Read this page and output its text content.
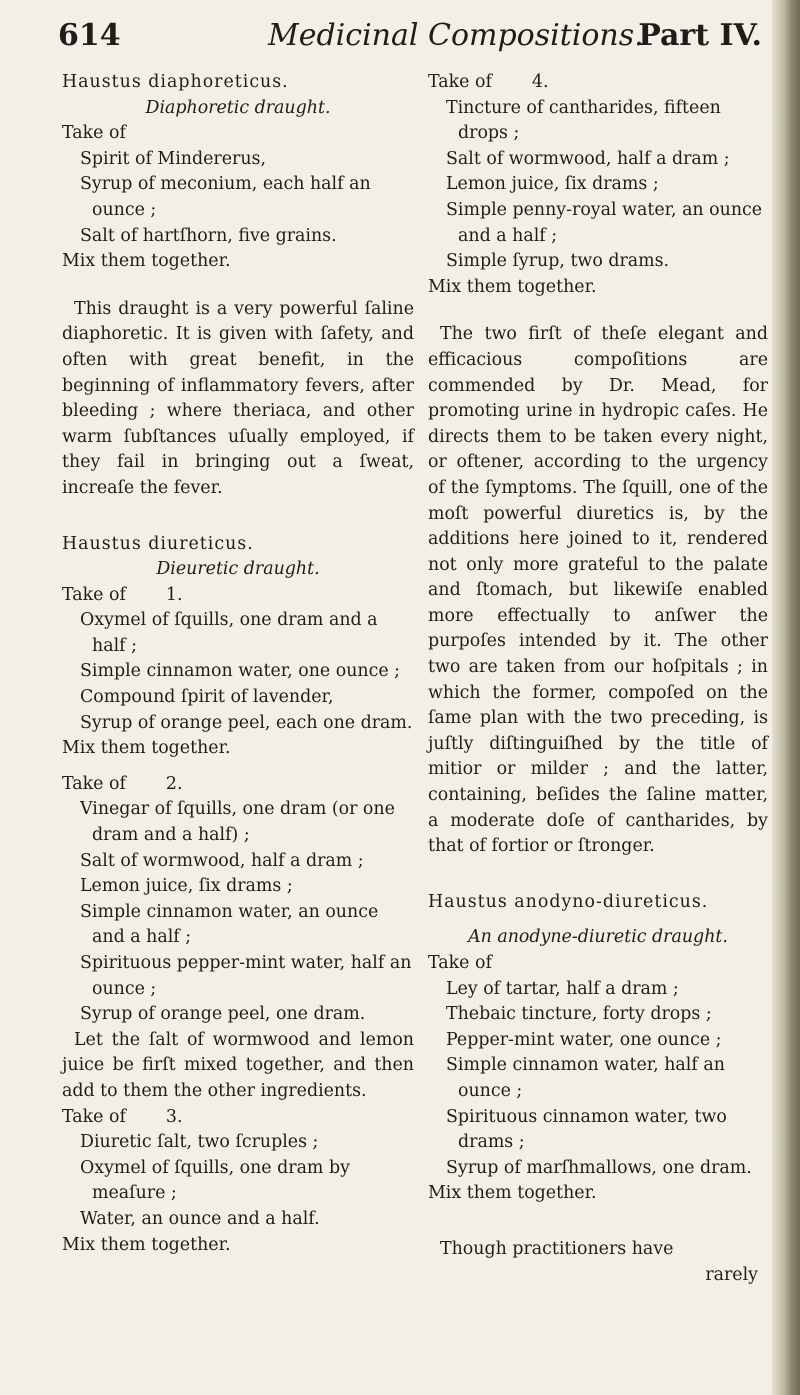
614	Medicinal Compositions.
Part IV.

Haustus diaphoreticus.

Diaphoretic draught.

Take of

Spirit of Mindererus,

Syrup of meconium, each half an ounce ;

Salt of hartſhorn, five grains.

Mix them together.

This draught is a very powerful ſaline diaphoretic. It is given with ſafety, and often with great benefit, in the beginning of inflammatory fevers, after bleeding ; where theriaca, and other warm ſubſtances uſually employed, if they fail in bringing out a ſweat, increaſe the fever.

Haustus diureticus.

Dieuretic draught.

Take of 1.

Oxymel of ſquills, one dram and a half ;

Simple cinnamon water, one ounce ;

Compound ſpirit of lavender,

Syrup of orange peel, each one dram.

Mix them together.

Take of 2.

Vinegar of ſquills, one dram (or one dram and a half) ;

Salt of wormwood, half a dram ;

Lemon juice, ſix drams ;

Simple cinnamon water, an ounce and a half ;

Spirituous pepper-mint water, half an ounce ;

Syrup of orange peel, one dram.

Let the ſalt of wormwood and lemon juice be firſt mixed together, and then add to them the other ingredients.

Take of 3.

Diuretic ſalt, two ſcruples ;

Oxymel of ſquills, one dram by meaſure ;

Water, an ounce and a half.

Mix them together.

Take of 4.

Tincture of cantharides, fifteen drops ;

Salt of wormwood, half a dram ;

Lemon juice, ſix drams ;

Simple penny-royal water, an ounce and a half ;

Simple ſyrup, two drams.

Mix them together.

The two firſt of theſe elegant and efficacious compoſitions are commended by Dr. Mead, for promoting urine in hydropic caſes. He directs them to be taken every night, or oftener, according to the urgency of the ſymptoms. The ſquill, one of the moſt powerful diuretics is, by the additions here joined to it, rendered not only more grateful to the palate and ſtomach, but likewiſe enabled more effectually to anſwer the purpoſes intended by it. The other two are taken from our hoſpitals ; in which the former, compoſed on the ſame plan with the two preceding, is juſtly diſtinguiſhed by the title of mitior or milder ; and the latter, containing, beſides the ſaline matter, a moderate doſe of cantharides, by that of fortior or ſtronger.

Haustus anodyno-diureticus.

An anodyne-diuretic draught.

Take of

Ley of tartar, half a dram ;

Thebaic tincture, forty drops ;

Pepper-mint water, one ounce ;

Simple cinnamon water, half an ounce ;

Spirituous cinnamon water, two drams ;

Syrup of marſhmallows, one dram.

Mix them together.

Though practitioners have

rarely
